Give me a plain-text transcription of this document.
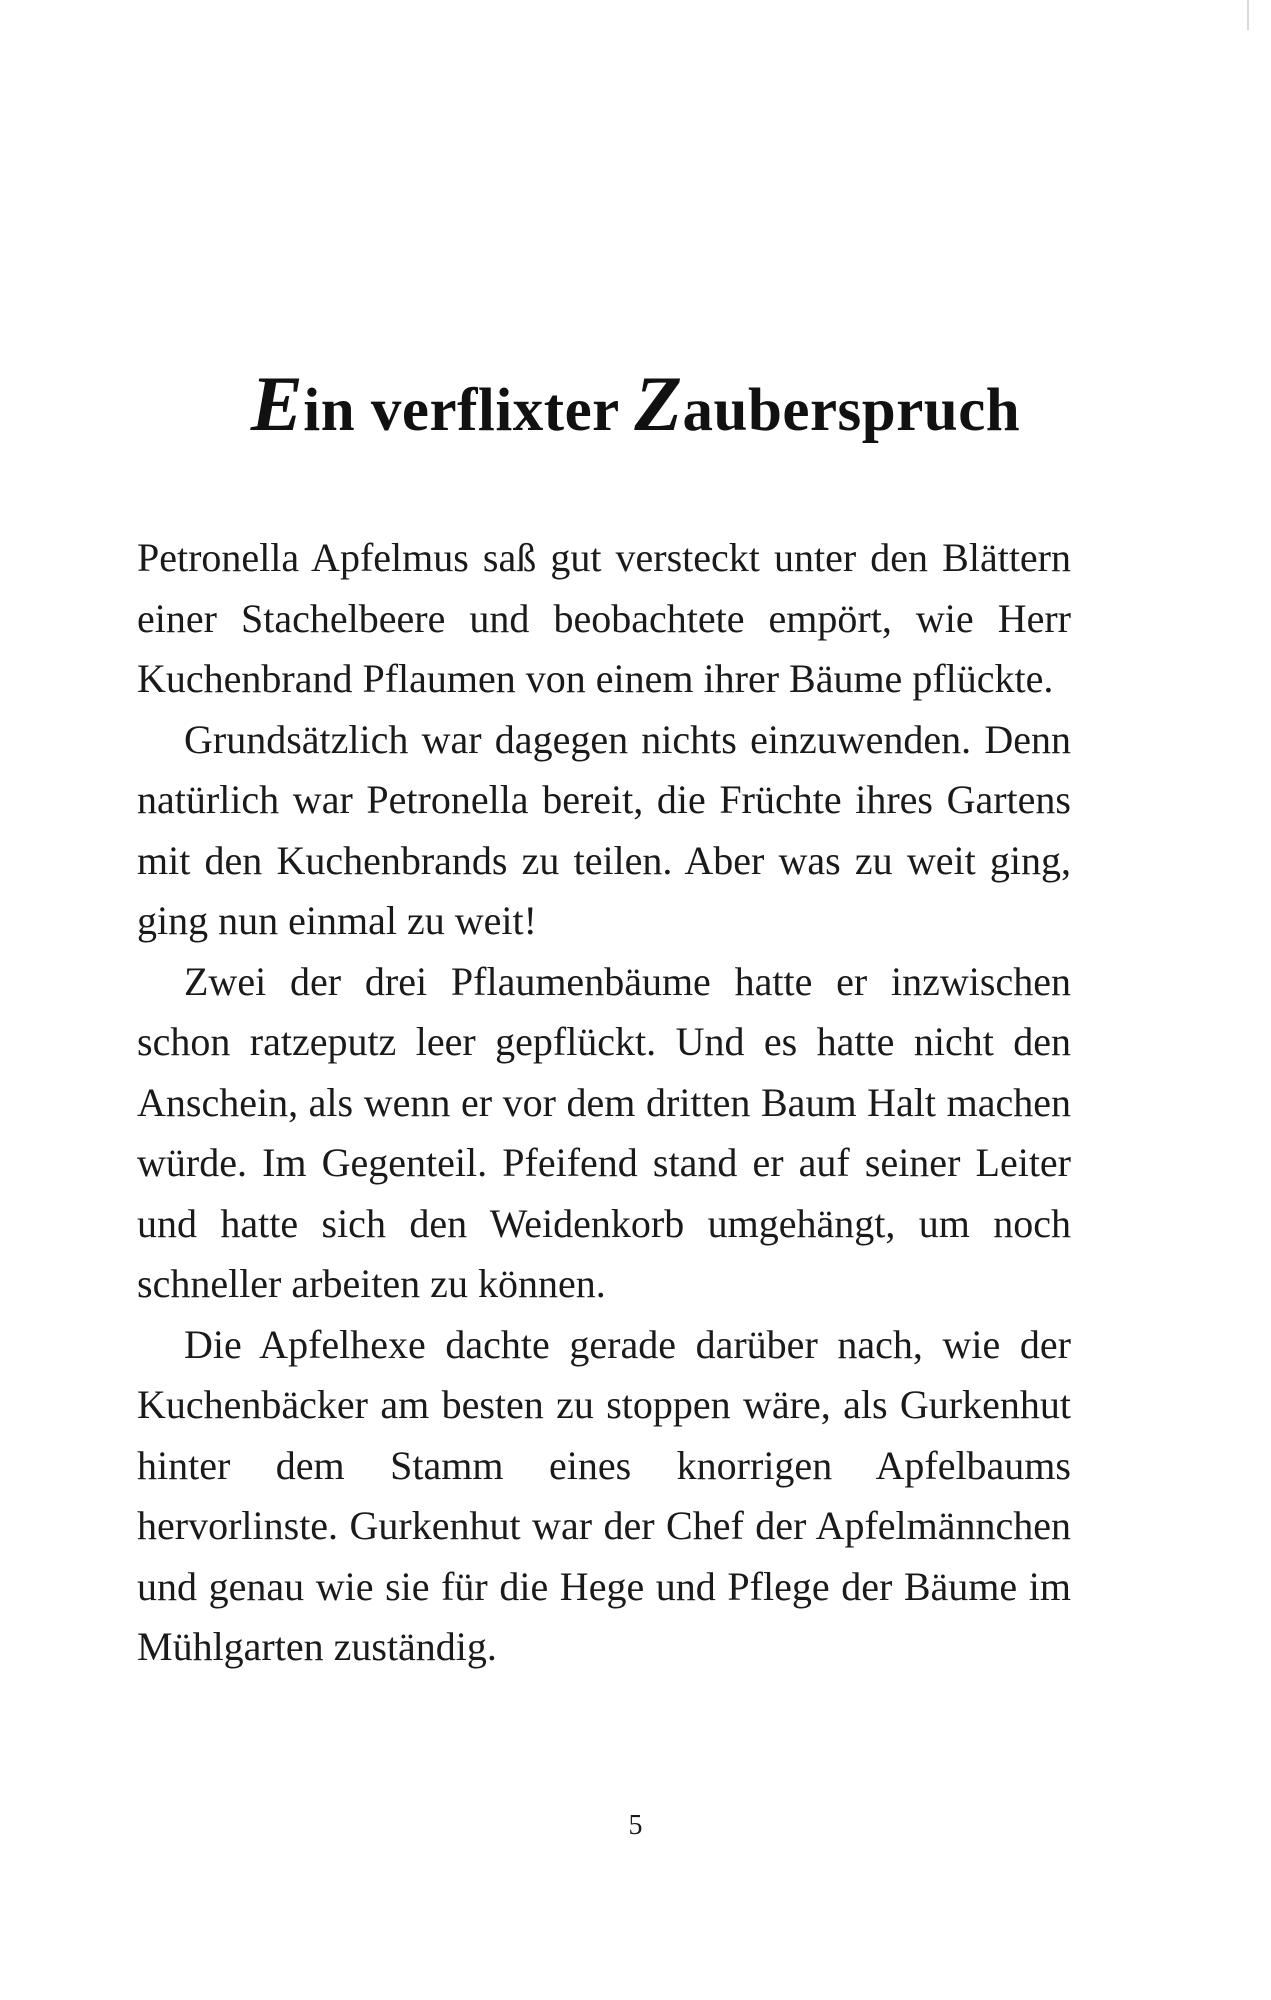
Ein verflixter Zauberspruch

Petronella Apfelmus saß gut versteckt unter den Blättern einer Stachelbeere und beobachtete empört, wie Herr Kuchenbrand Pflaumen von einem ihrer Bäume pflückte.

Grundsätzlich war dagegen nichts einzuwenden. Denn natürlich war Petronella bereit, die Früchte ihres Gartens mit den Kuchenbrands zu teilen. Aber was zu weit ging, ging nun einmal zu weit!

Zwei der drei Pflaumenbäume hatte er inzwischen schon ratzeputz leer gepflückt. Und es hatte nicht den Anschein, als wenn er vor dem dritten Baum Halt machen würde. Im Gegenteil. Pfeifend stand er auf seiner Leiter und hatte sich den Weidenkorb umgehängt, um noch schneller arbeiten zu können.

Die Apfelhexe dachte gerade darüber nach, wie der Kuchenbäcker am besten zu stoppen wäre, als Gurkenhut hinter dem Stamm eines knorrigen Apfelbaums hervorlinste. Gurkenhut war der Chef der Apfelmännchen und genau wie sie für die Hege und Pflege der Bäume im Mühlgarten zuständig.

5
